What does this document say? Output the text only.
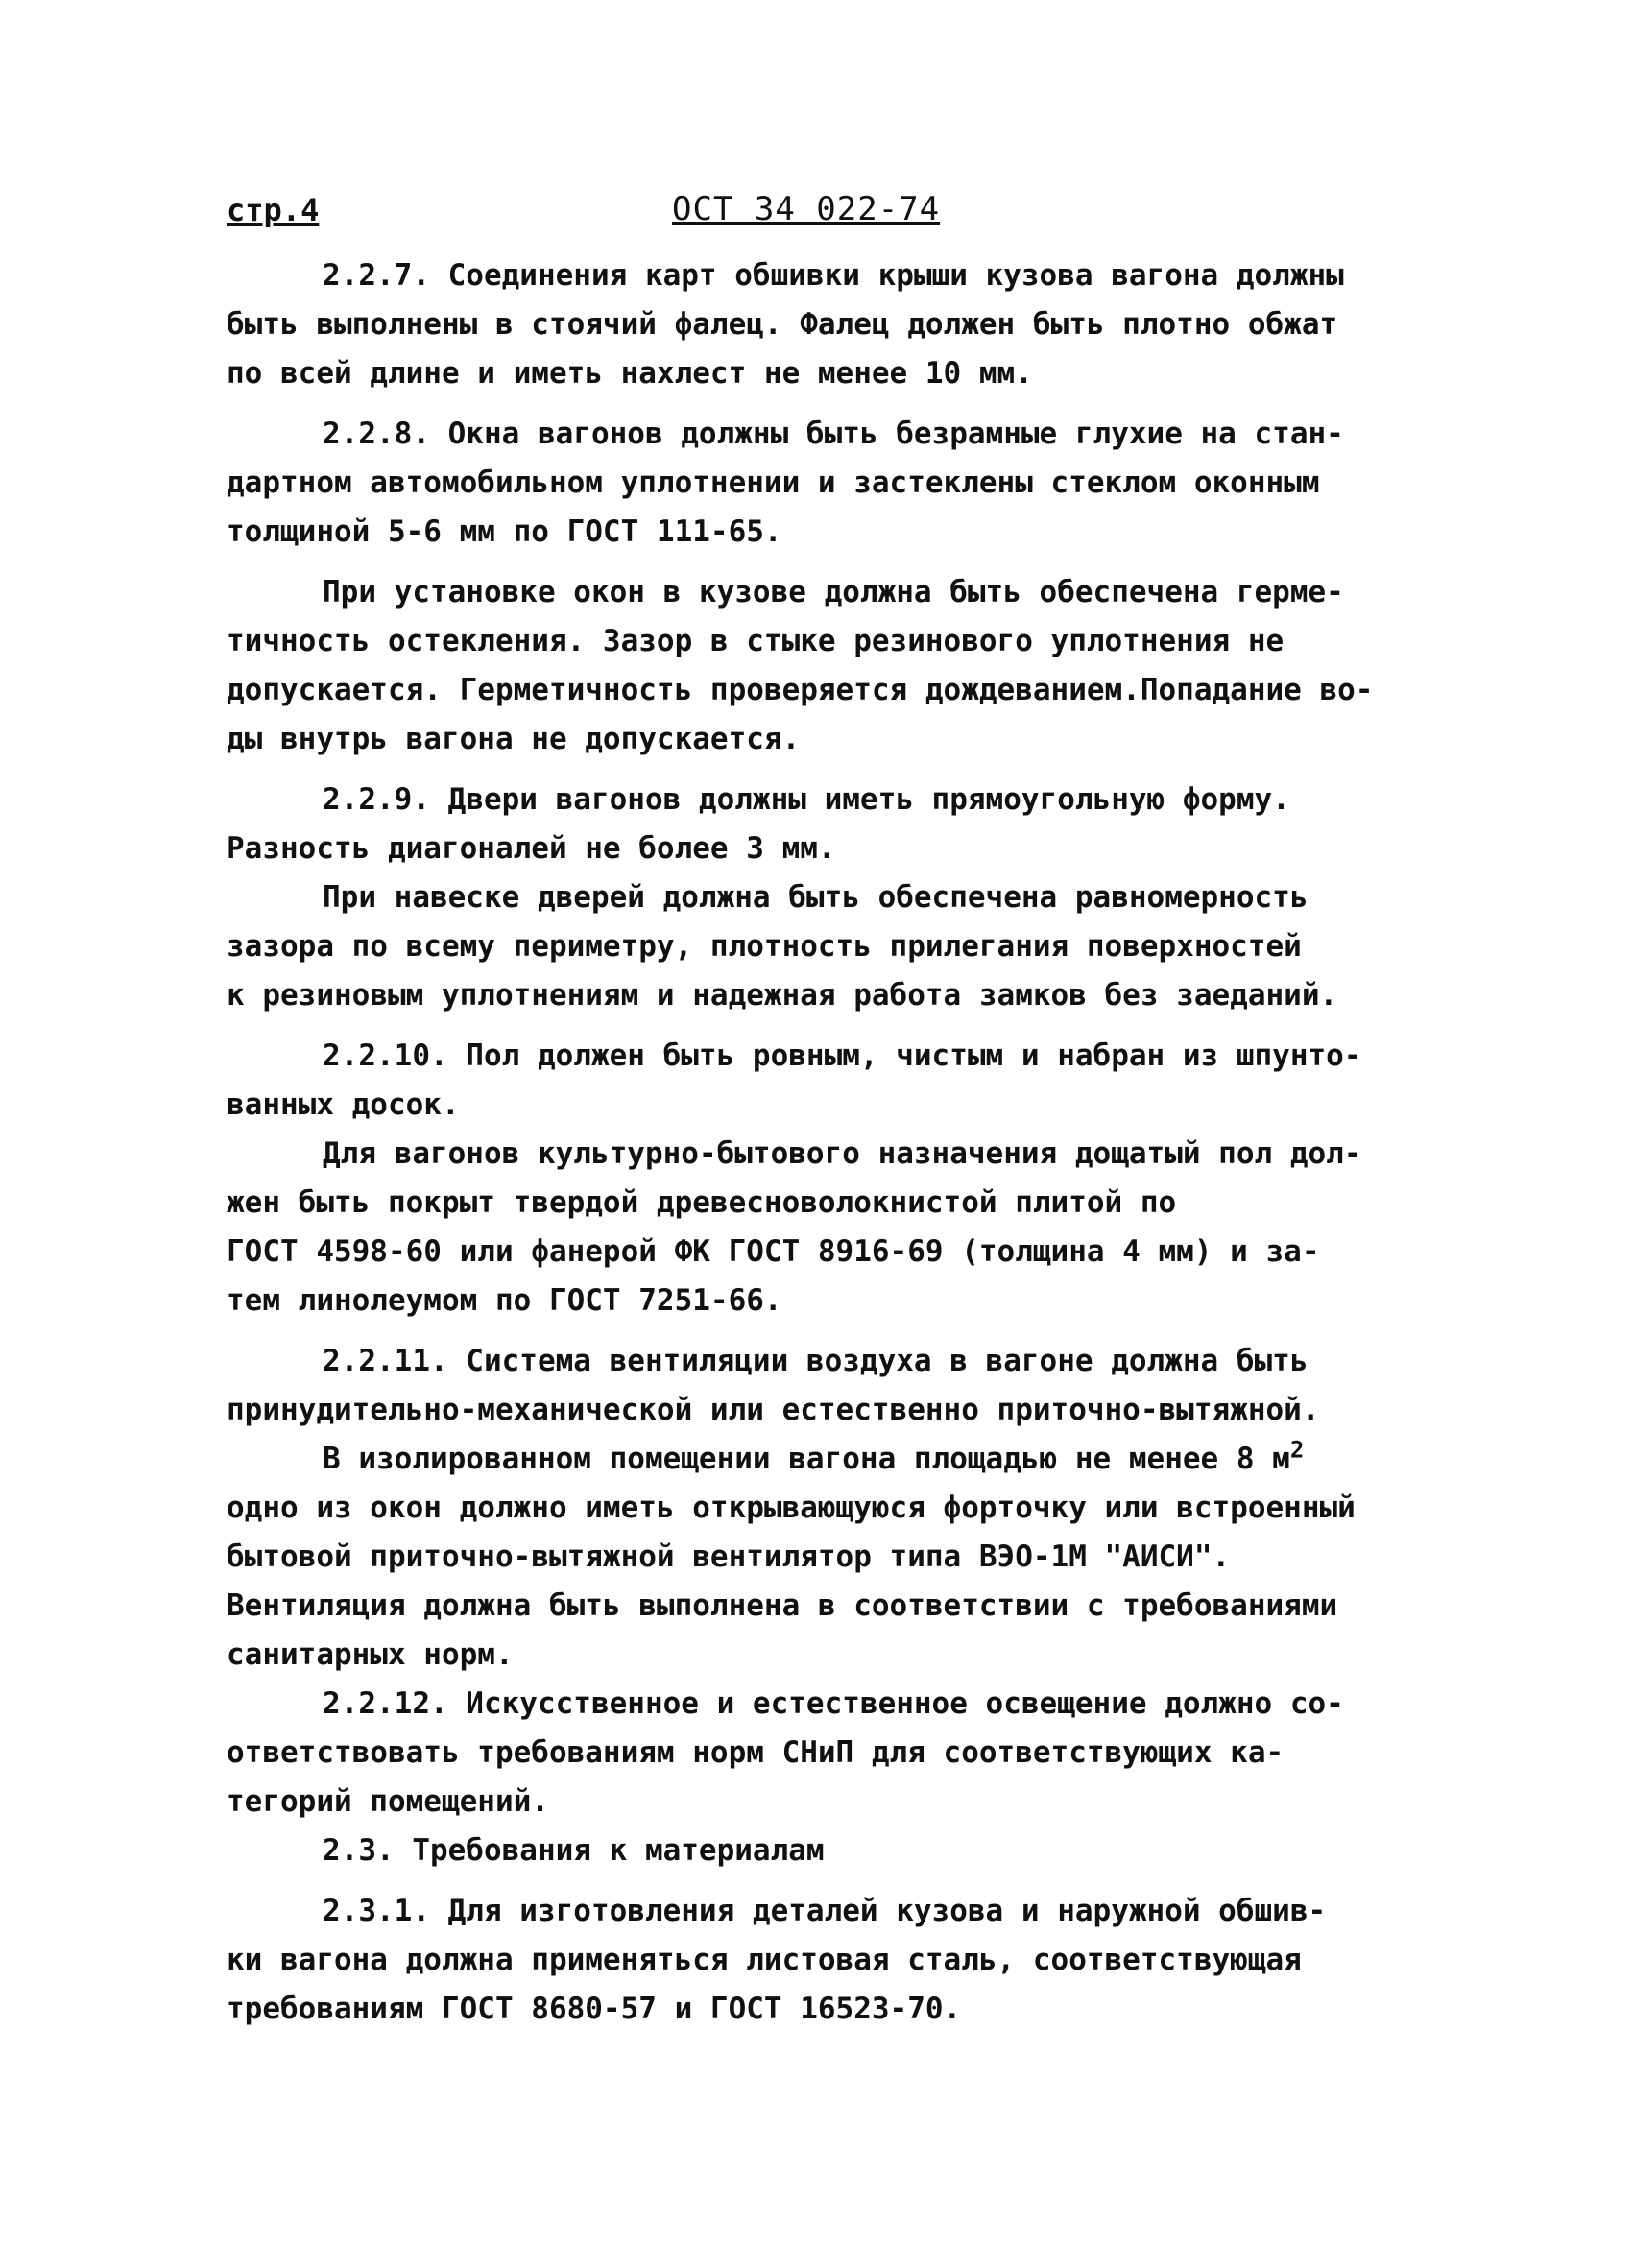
стр.4	ОСТ 34 022-74

2.2.7. Соединения карт обшивки крыши кузова вагона должны
быть выполнены в стоячий фалец. Фалец должен быть плотно обжат
по всей длине и иметь нахлест не менее 10 мм.

2.2.8. Окна вагонов должны быть безрамные глухие на стан-
дартном автомобильном уплотнении и застеклены стеклом оконным
толщиной 5-6 мм по ГОСТ 111-65.

При установке окон в кузове должна быть обеспечена герме-
тичность остекления. Зазор в стыке резинового уплотнения не
допускается. Герметичность проверяется дождеванием.Попадание во-
ды внутрь вагона не допускается.

2.2.9. Двери вагонов должны иметь прямоугольную форму.
Разность диагоналей не более 3 мм.

При навеске дверей должна быть обеспечена равномерность
зазора по всему периметру, плотность прилегания поверхностей
к резиновым уплотнениям и надежная работа замков без заеданий.

2.2.10. Пол должен быть ровным, чистым и набран из шпунто-
ванных досок.

Для вагонов культурно-бытового назначения дощатый пол дол-
жен быть покрыт твердой древесноволокнистой плитой по
ГОСТ 4598-60 или фанерой ФК ГОСТ 8916-69 (толщина 4 мм) и за-
тем линолеумом по ГОСТ 7251-66.

2.2.11. Система вентиляции воздуха в вагоне должна быть
принудительно-механической или естественно приточно-вытяжной.

В изолированном помещении вагона площадью не менее 8 $м^2$
одно из окон должно иметь открывающуюся форточку или встроенный
бытовой приточно-вытяжной вентилятор типа ВЭО-1М "АИСИ".
Вентиляция должна быть выполнена в соответствии с требованиями
санитарных норм.

2.2.12. Искусственное и естественное освещение должно со-
ответствовать требованиям норм СНиП для соответствующих ка-
тегорий помещений.

2.3. Требования к материалам

2.3.1. Для изготовления деталей кузова и наружной обшив-
ки вагона должна применяться листовая сталь, соответствующая
требованиям ГОСТ 8680-57 и ГОСТ 16523-70.
